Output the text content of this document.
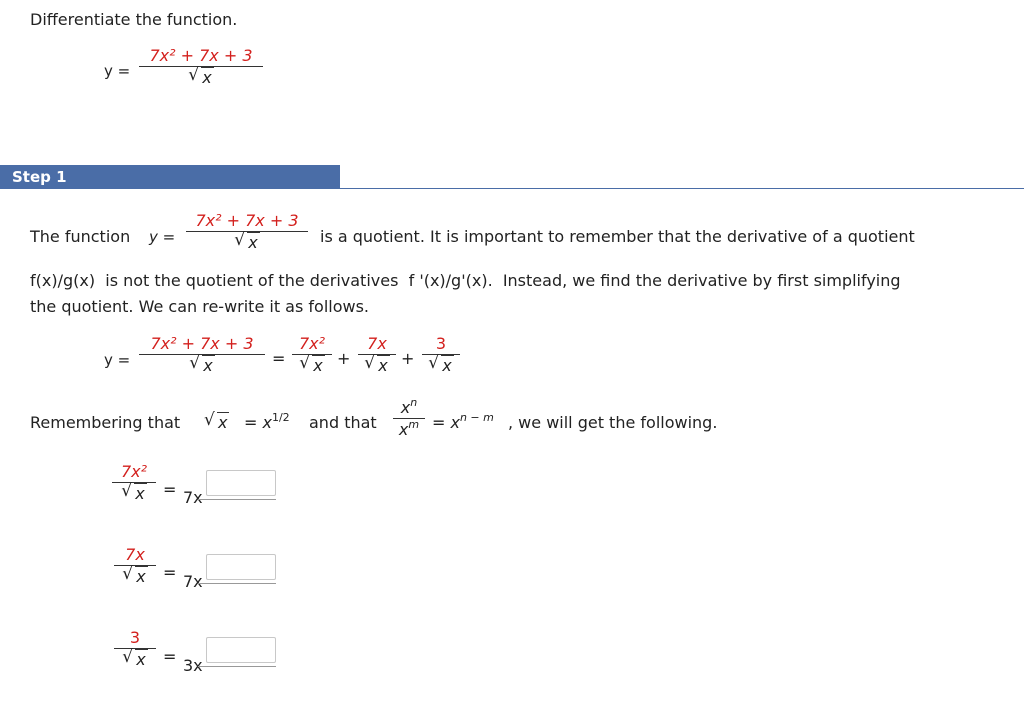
Differentiate the function.
y =
7x² + 7x + 3
√ x
Step 1
The function y =
7x² + 7x + 3
√ x	is a quotient. It is important to remember that the derivative of a quotient
f(x)/g(x)  is not the quotient of the derivatives  f '(x)/g'(x).  Instead, we find the derivative by first simplifying
the quotient. We can re-write it as follows.
y =
7x² + 7x + 3
√ x	=
7x²
√ x +
7x
√ x +
3
√ x
Remembering that √ $x = x^{1/2}$ and that
$x^n$
$x^m = x^{n - m}$ , we will get the following.
7x²
√ x	= 7x
7x
√ x	= 7x
3
√ x	= 3x
